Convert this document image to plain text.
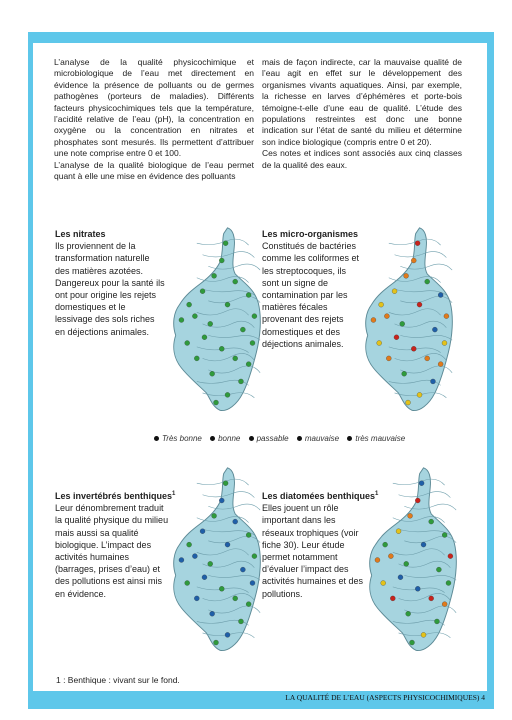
L’analyse de la qualité physicochimique et microbiologique de l’eau met directement en évidence la présence de polluants ou de germes pathogènes (porteurs de maladies). Différents facteurs physicochimiques tels que la température, l’acidité relative de l’eau (pH), la concentration en oxygène ou la concentration en nitrates et phosphates sont mesurés. Ils permettent d’attribuer une note comprise entre 0 et 100.

L’analyse de la qualité biologique de l’eau permet quant à elle une mise en évidence des polluants

mais de façon indirecte, car la mauvaise qualité de l’eau agit en effet sur le développement des organismes vivants aquatiques. Ainsi, par exemple, la richesse en larves d’éphémères et porte-bois témoigne-t-elle d’une eau de qualité. L’étude des populations restreintes est donc une bonne indication sur l’état de santé du milieu et détermine son indice biologique (compris entre 0 et 20).

Ces notes et indices sont associés aux cinq classes de la qualité des eaux.

Les nitrates
Ils proviennent de la transformation naturelle des matières azotées. Dangereux pour la santé ils ont pour origine les rejets domestiques et le lessivage des sols riches en déjections animales.
Les micro-organismes
Constitués de bactéries comme les coliformes et les streptocoques, ils sont un signe de contamination par les matières fécales provenant des rejets domestiques et des déjections animales.
Très bonne bonne passable mauvaise très mauvaise
Les invertébrés benthiques$^1$
Leur dénombrement traduit la qualité physique du milieu mais aussi sa qualité biologique. L’impact des activités humaines (barrages, prises d’eau) et des pollutions est ainsi mis en évidence.
Les diatomées benthiques$^1$
Elles jouent un rôle important dans les réseaux trophiques (voir fiche 30). Leur étude permet notamment d’évaluer l’impact des activités humaines et des pollutions.
1 : Benthique : vivant sur le fond.
LA QUALITÉ DE L’EAU (ASPECTS PHYSICOCHIMIQUES) 4
